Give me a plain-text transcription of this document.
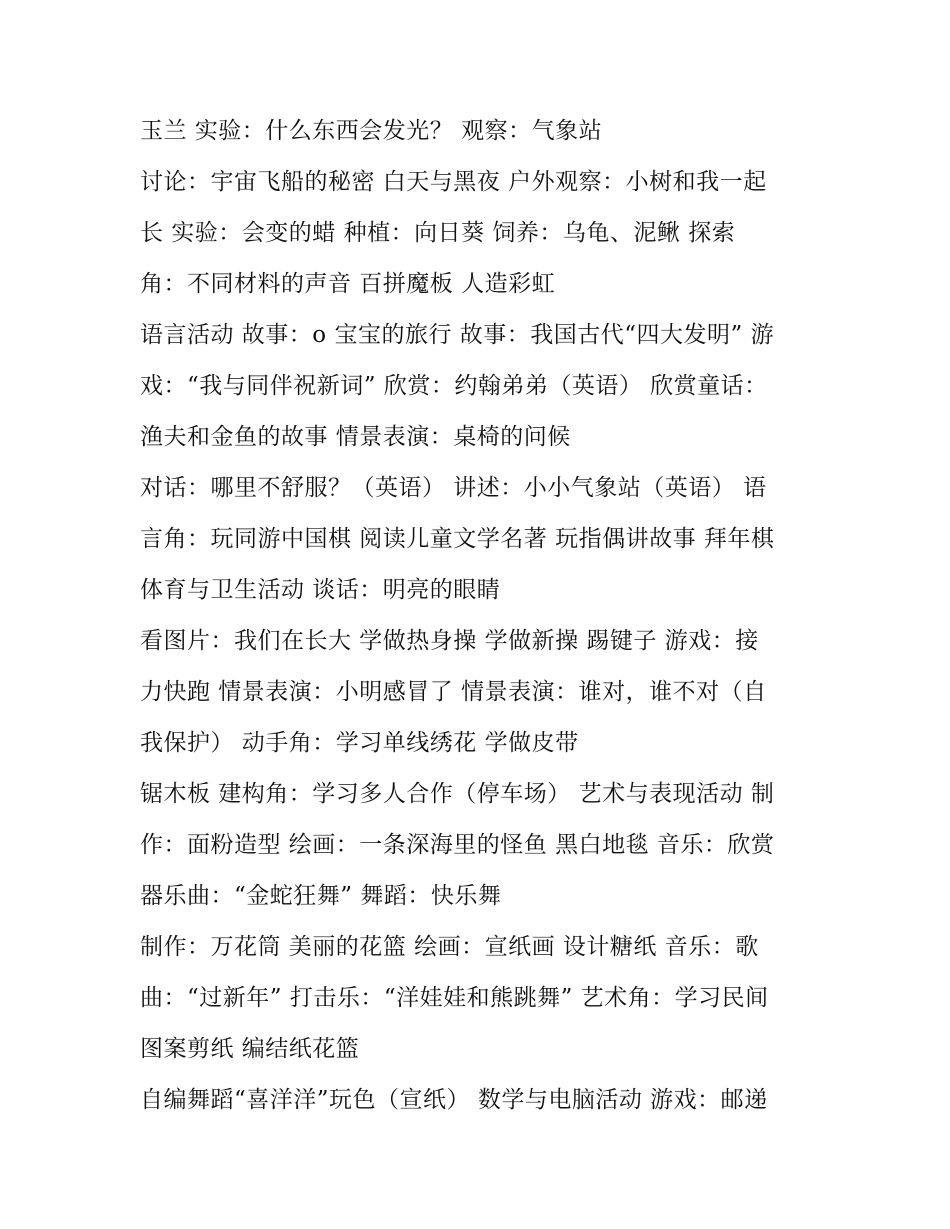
玉兰 实验：什么东西会发光？ 观察：气象站
讨论：宇宙飞船的秘密 白天与黑夜 户外观察：小树和我一起
长 实验：会变的蜡 种植：向日葵 饲养：乌龟、泥鳅 探索
角：不同材料的声音 百拼魔板 人造彩虹
语言活动 故事：o 宝宝的旅行 故事：我国古代“四大发明” 游
戏：“我与同伴祝新词” 欣赏：约翰弟弟（英语） 欣赏童话：
渔夫和金鱼的故事 情景表演：桌椅的问候
对话：哪里不舒服？（英语） 讲述：小小气象站（英语） 语
言角：玩同游中国棋 阅读儿童文学名著 玩指偶讲故事 拜年棋
体育与卫生活动 谈话：明亮的眼睛
看图片：我们在长大 学做热身操 学做新操 踢键子 游戏：接
力快跑 情景表演：小明感冒了 情景表演：谁对，谁不对（自
我保护） 动手角：学习单线绣花 学做皮带
锯木板 建构角：学习多人合作（停车场） 艺术与表现活动 制
作：面粉造型 绘画：一条深海里的怪鱼 黑白地毯 音乐：欣赏
器乐曲：“金蛇狂舞” 舞蹈：快乐舞
制作：万花筒 美丽的花篮 绘画：宣纸画 设计糖纸 音乐：歌
曲：“过新年” 打击乐：“洋娃娃和熊跳舞” 艺术角：学习民间
图案剪纸 编结纸花篮
自编舞蹈“喜洋洋”玩色（宣纸） 数学与电脑活动 游戏：邮递
